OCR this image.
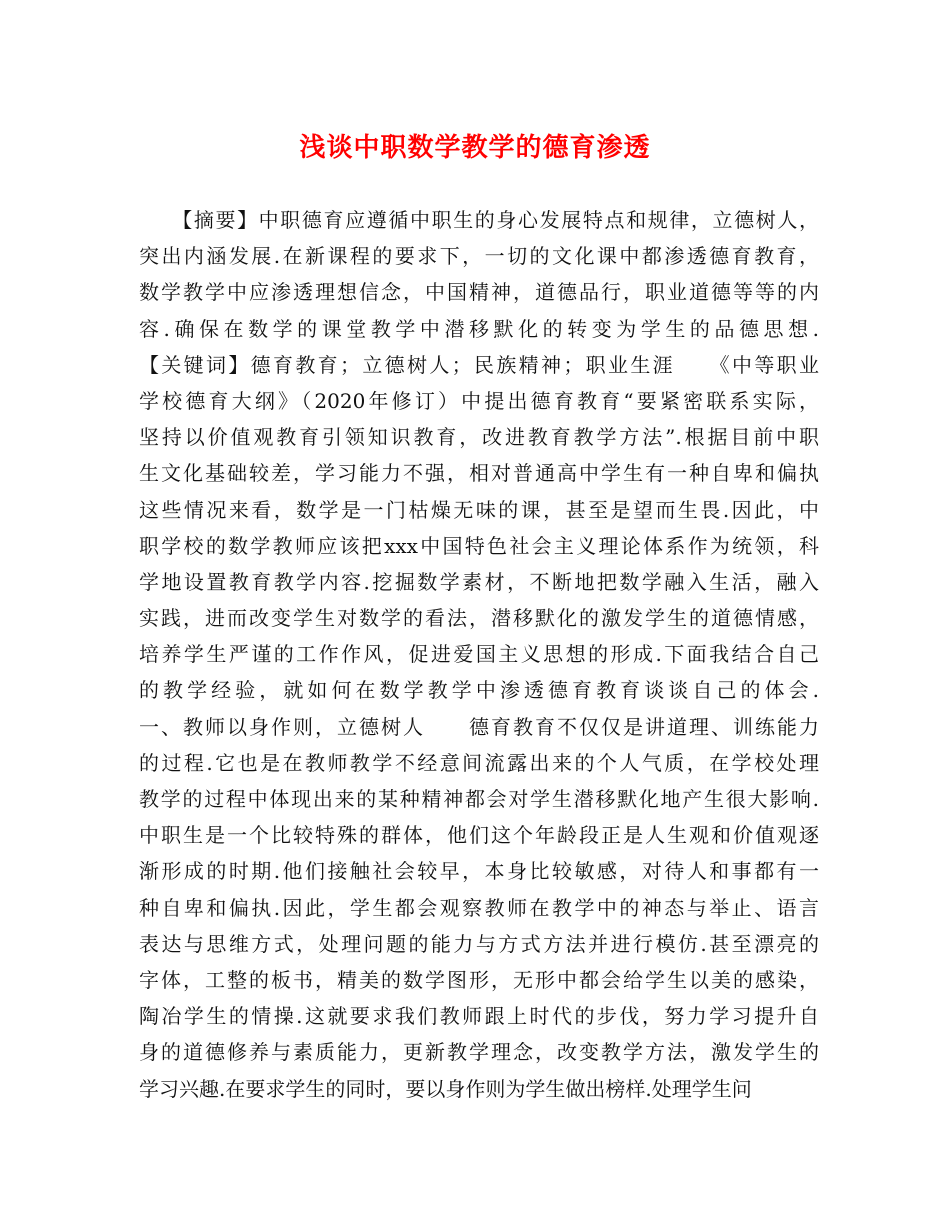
浅谈中职数学教学的德育渗透
　　【摘要】中职德育应遵循中职生的身心发展特点和规律，立德树人，
突出内涵发展.在新课程的要求下，一切的文化课中都渗透德育教育，
数学教学中应渗透理想信念，中国精神，道德品行，职业道德等等的内
容.确保在数学的课堂教学中潜移默化的转变为学生的品德思想.
【关键词】德育教育；立德树人；民族精神；职业生涯　　《中等职业
学校德育大纲》（2020年修订）中提出德育教育“要紧密联系实际，
坚持以价值观教育引领知识教育，改进教育教学方法”.根据目前中职
生文化基础较差，学习能力不强，相对普通高中学生有一种自卑和偏执
这些情况来看，数学是一门枯燥无味的课，甚至是望而生畏.因此，中
职学校的数学教师应该把xxx中国特色社会主义理论体系作为统领，科
学地设置教育教学内容.挖掘数学素材，不断地把数学融入生活，融入
实践，进而改变学生对数学的看法，潜移默化的激发学生的道德情感，
培养学生严谨的工作作风，促进爱国主义思想的形成.下面我结合自己
的教学经验，就如何在数学教学中渗透德育教育谈谈自己的体会.
一、教师以身作则，立德树人　　德育教育不仅仅是讲道理、训练能力
的过程.它也是在教师教学不经意间流露出来的个人气质，在学校处理
教学的过程中体现出来的某种精神都会对学生潜移默化地产生很大影响.
中职生是一个比较特殊的群体，他们这个年龄段正是人生观和价值观逐
渐形成的时期.他们接触社会较早，本身比较敏感，对待人和事都有一
种自卑和偏执.因此，学生都会观察教师在教学中的神态与举止、语言
表达与思维方式，处理问题的能力与方式方法并进行模仿.甚至漂亮的
字体，工整的板书，精美的数学图形，无形中都会给学生以美的感染，
陶冶学生的情操.这就要求我们教师跟上时代的步伐，努力学习提升自
身的道德修养与素质能力，更新教学理念，改变教学方法，激发学生的
学习兴趣.在要求学生的同时，要以身作则为学生做出榜样.处理学生问
